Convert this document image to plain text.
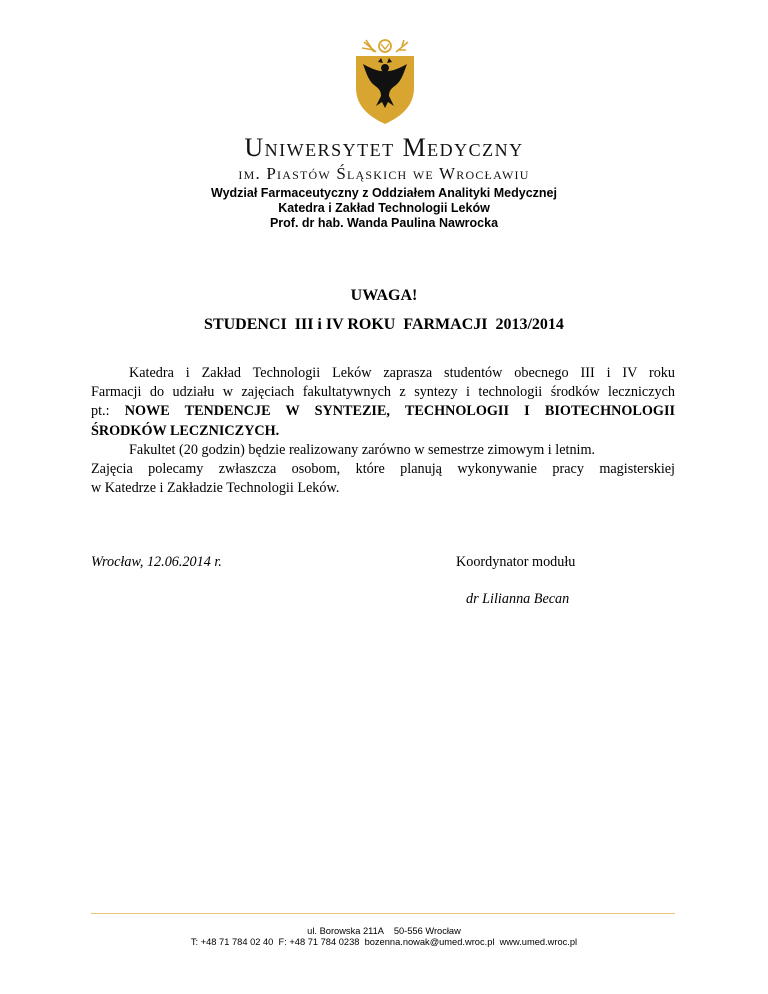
Uniwersytet Medyczny
im. Piastów Śląskich we Wrocławiu
Wydział Farmaceutyczny z Oddziałem Analityki Medycznej
Katedra i Zakład Technologii Leków
Prof. dr hab. Wanda Paulina Nawrocka
UWAGA!
STUDENCI  III i IV ROKU  FARMACJI  2013/2014
Katedra i Zakład Technologii Leków zaprasza studentów obecnego III i IV roku
Farmacji do udziału w zajęciach fakultatywnych z syntezy i technologii środków leczniczych
pt.: NOWE TENDENCJE W SYNTEZIE, TECHNOLOGII I BIOTECHNOLOGII
ŚRODKÓW LECZNICZYCH.
Fakultet (20 godzin) będzie realizowany zarówno w semestrze zimowym i letnim.
Zajęcia polecamy zwłaszcza osobom, które planują wykonywanie pracy magisterskiej
w Katedrze i Zakładzie Technologii Leków.
Wrocław, 12.06.2014 r.	Koordynator modułu
dr Lilianna Becan
ul. Borowska 211A    50-556 Wrocław
T: +48 71 784 02 40  F: +48 71 784 0238  bozenna.nowak@umed.wroc.pl  www.umed.wroc.pl
